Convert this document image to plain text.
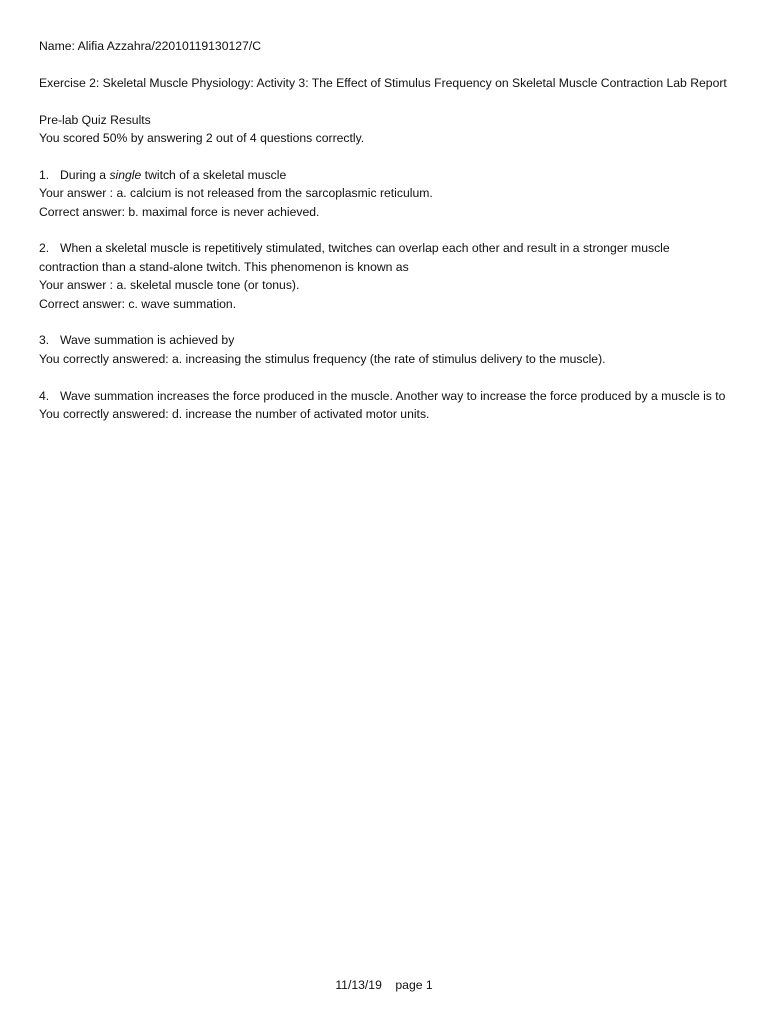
Name: Alifia Azzahra/22010119130127/C

Exercise 2: Skeletal Muscle Physiology: Activity 3: The Effect of Stimulus Frequency on Skeletal Muscle Contraction Lab Report

Pre-lab Quiz Results
You scored 50% by answering 2 out of 4 questions correctly.

1. During a single twitch of a skeletal muscle
Your answer : a. calcium is not released from the sarcoplasmic reticulum.
Correct answer: b. maximal force is never achieved.

2. When a skeletal muscle is repetitively stimulated, twitches can overlap each other and result in a stronger muscle contraction than a stand-alone twitch. This phenomenon is known as
Your answer : a. skeletal muscle tone (or tonus).
Correct answer: c. wave summation.

3. Wave summation is achieved by
You correctly answered: a. increasing the stimulus frequency (the rate of stimulus delivery to the muscle).

4. Wave summation increases the force produced in the muscle. Another way to increase the force produced by a muscle is to
You correctly answered: d. increase the number of activated motor units.

11/13/19 page 1
